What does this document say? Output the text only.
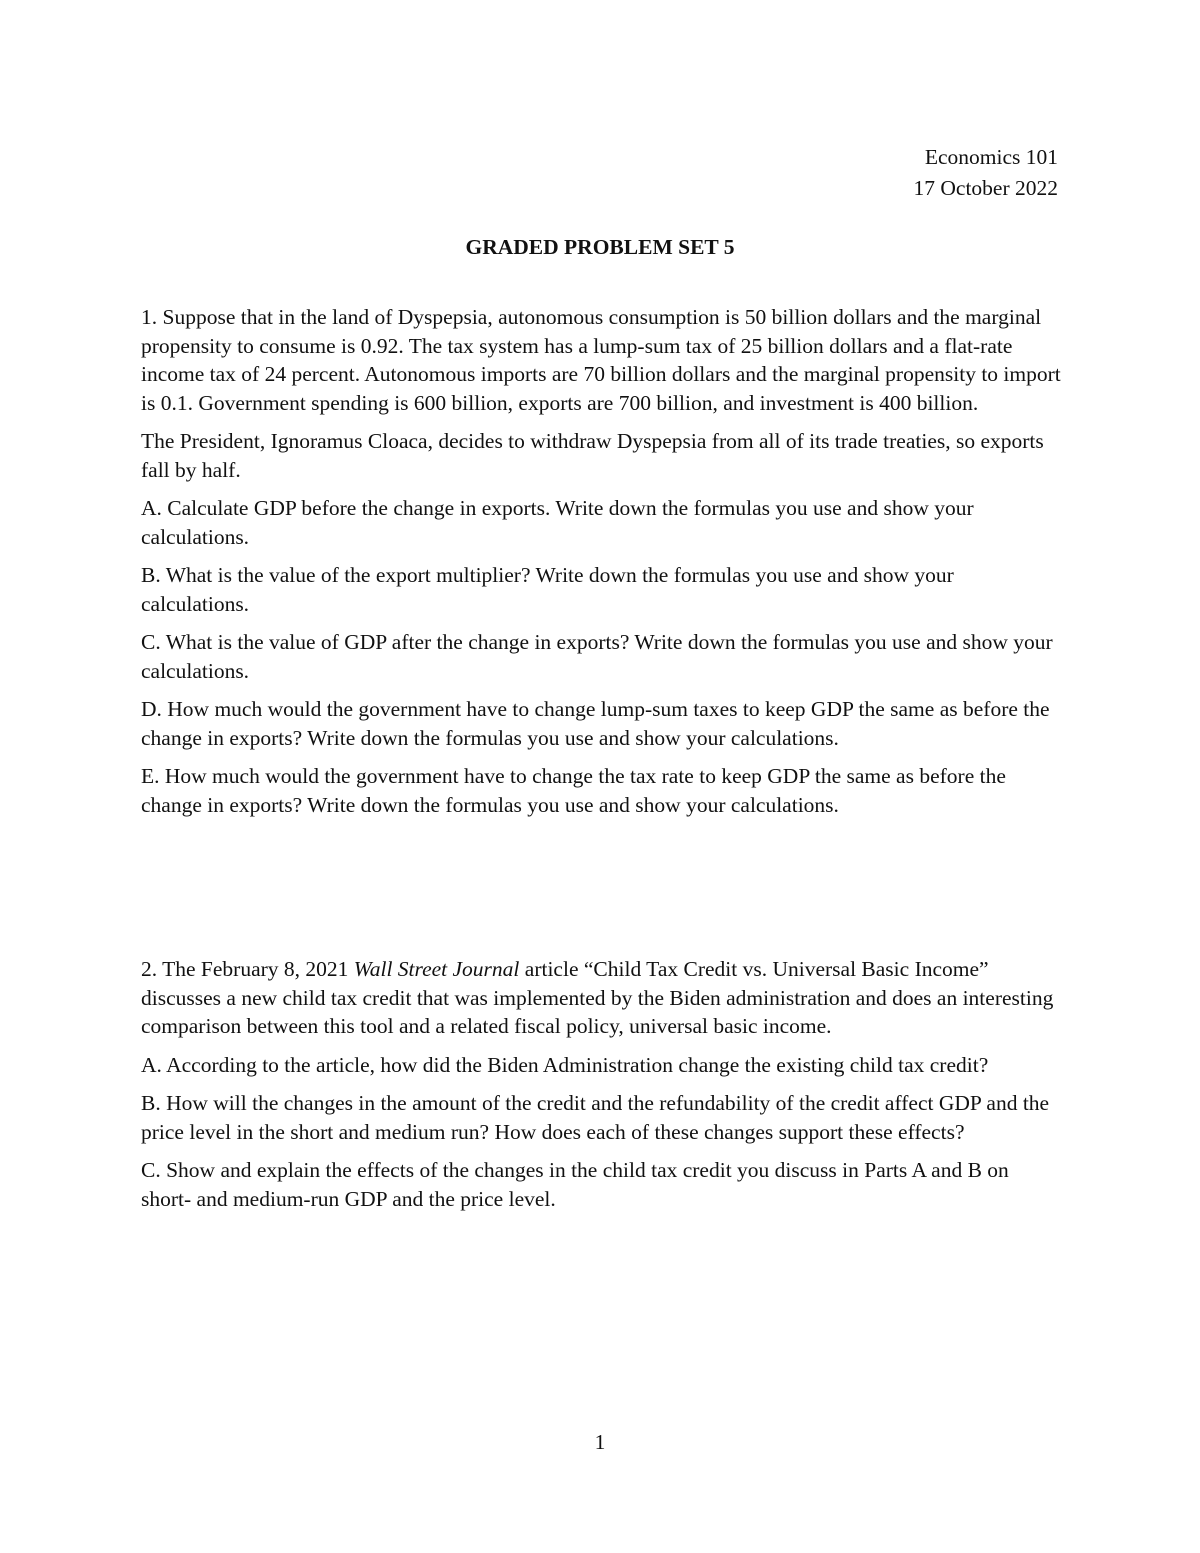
Economics 101
17 October 2022
GRADED PROBLEM SET 5

1. Suppose that in the land of Dyspepsia, autonomous consumption is 50 billion dollars and the marginal propensity to consume is 0.92. The tax system has a lump-sum tax of 25 billion dollars and a flat-rate income tax of 24 percent. Autonomous imports are 70 billion dollars and the marginal propensity to import is 0.1. Government spending is 600 billion, exports are 700 billion, and investment is 400 billion.

The President, Ignoramus Cloaca, decides to withdraw Dyspepsia from all of its trade treaties, so exports fall by half.

A. Calculate GDP before the change in exports. Write down the formulas you use and show your calculations.

B. What is the value of the export multiplier? Write down the formulas you use and show your calculations.

C. What is the value of GDP after the change in exports? Write down the formulas you use and show your calculations.

D. How much would the government have to change lump-sum taxes to keep GDP the same as before the change in exports? Write down the formulas you use and show your calculations.

E. How much would the government have to change the tax rate to keep GDP the same as before the change in exports? Write down the formulas you use and show your calculations.

2. The February 8, 2021 Wall Street Journal article “Child Tax Credit vs. Universal Basic Income” discusses a new child tax credit that was implemented by the Biden administration and does an interesting comparison between this tool and a related fiscal policy, universal basic income.

A. According to the article, how did the Biden Administration change the existing child tax credit?

B. How will the changes in the amount of the credit and the refundability of the credit affect GDP and the price level in the short and medium run? How does each of these changes support these effects?

C. Show and explain the effects of the changes in the child tax credit you discuss in Parts A and B on short- and medium-run GDP and the price level.

1
